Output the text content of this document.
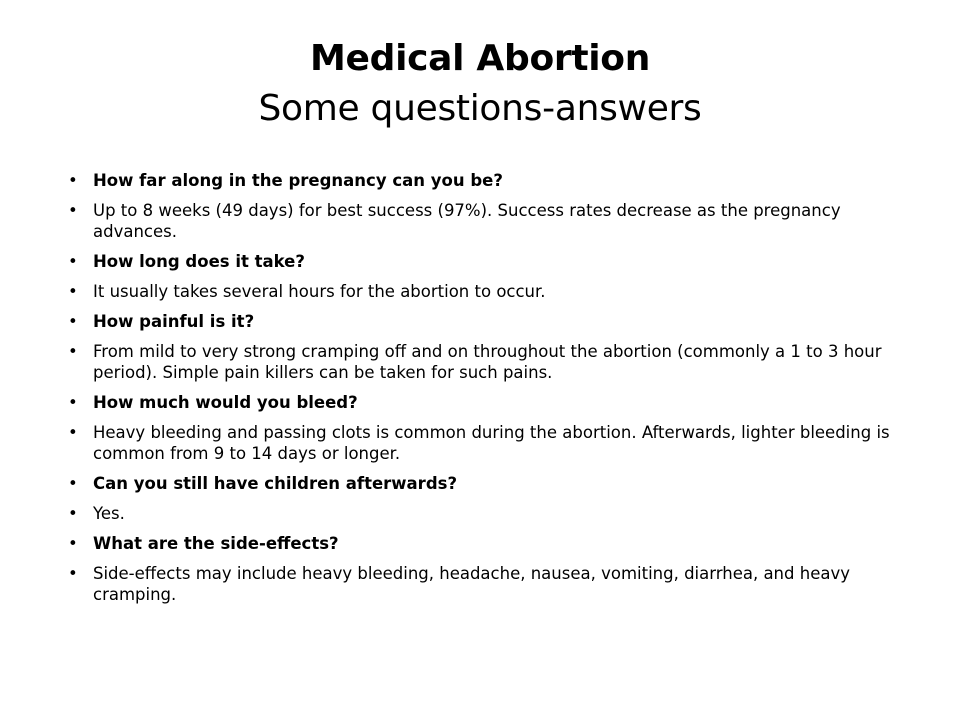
Medical Abortion
Some questions-answers
• How far along in the pregnancy can you be?
• Up to 8 weeks (49 days) for best success (97%). Success rates decrease as the pregnancy advances.
• How long does it take?
• It usually takes several hours for the abortion to occur.
• How painful is it?
• From mild to very strong cramping off and on throughout the abortion (commonly a 1 to 3 hour period). Simple pain killers can be taken for such pains.
• How much would you bleed?
• Heavy bleeding and passing clots is common during the abortion. Afterwards, lighter bleeding is common from 9 to 14 days or longer.
• Can you still have children afterwards?
• Yes.
• What are the side-effects?
• Side-effects may include heavy bleeding, headache, nausea, vomiting, diarrhea, and heavy cramping.
